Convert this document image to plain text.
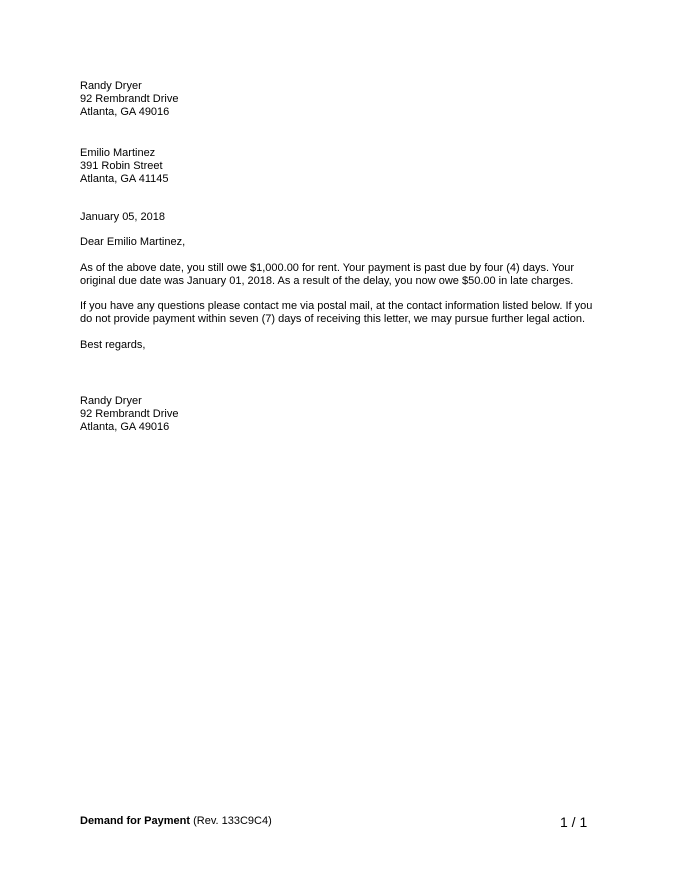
Randy Dryer
92 Rembrandt Drive
Atlanta, GA 49016
Emilio Martinez
391 Robin Street
Atlanta, GA 41145
January 05, 2018
Dear Emilio Martinez,
As of the above date, you still owe $1,000.00 for rent. Your payment is past due by four (4) days. Your
original due date was January 01, 2018. As a result of the delay, you now owe $50.00 in late charges.
If you have any questions please contact me via postal mail, at the contact information listed below. If you
do not provide payment within seven (7) days of receiving this letter, we may pursue further legal action.
Best regards,
Randy Dryer
92 Rembrandt Drive
Atlanta, GA 49016
Demand for Payment (Rev. 133C9C4)	1 / 1
